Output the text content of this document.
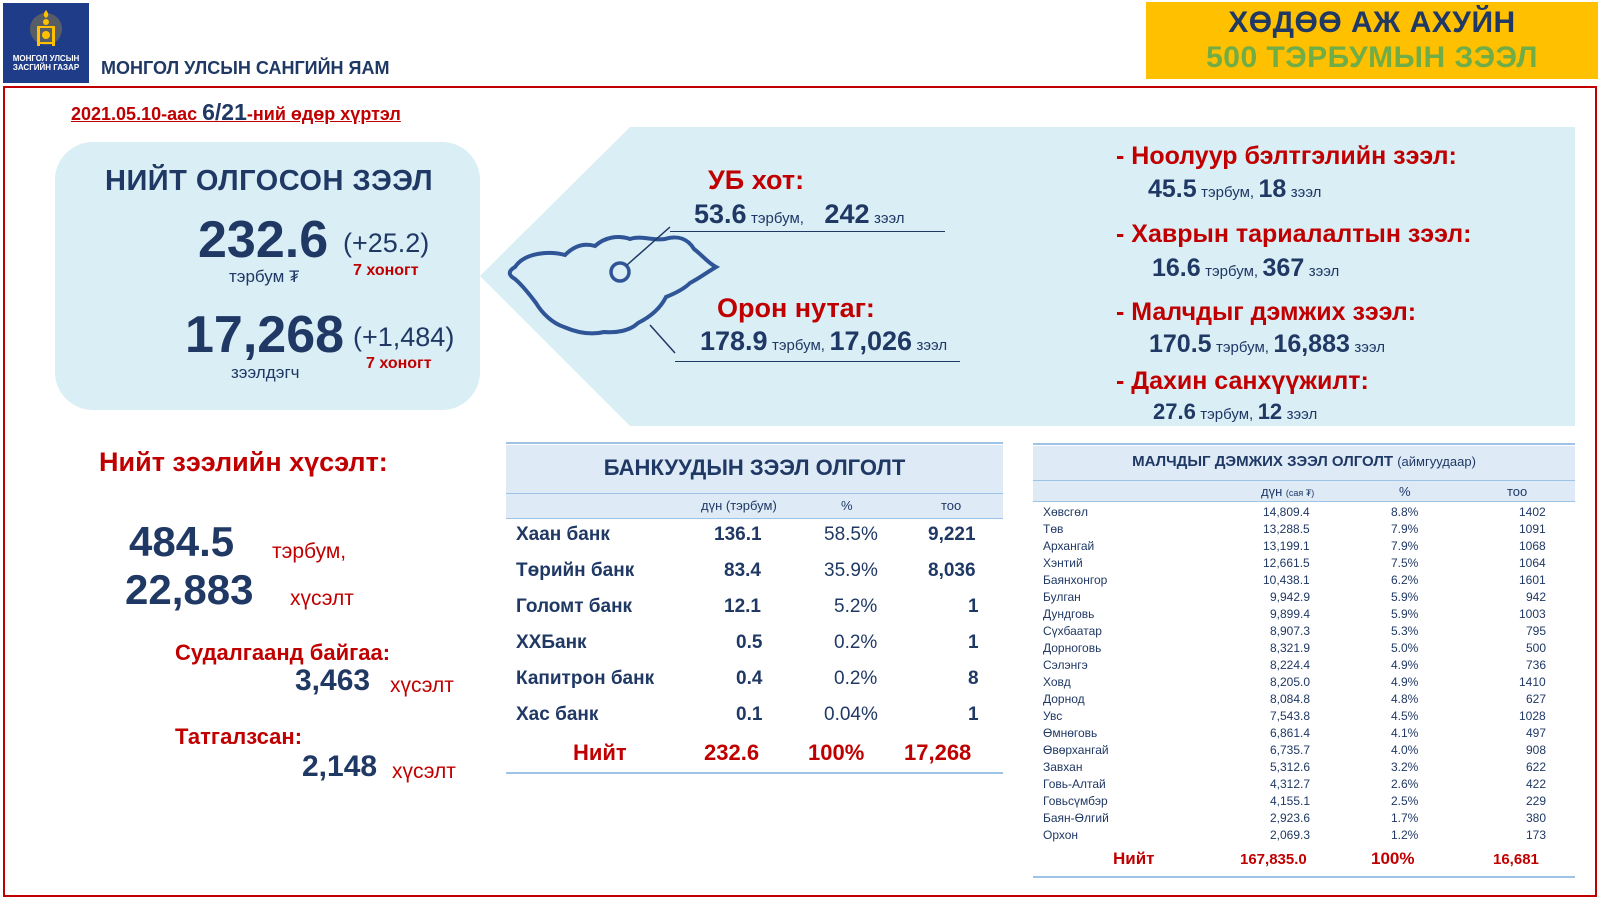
МОНГОЛ УЛСЫН
ЗАСГИЙН ГАЗАР	МОНГОЛ УЛСЫН САНГИЙН ЯАМ
ХӨДӨӨ АЖ АХУЙН
500 ТЭРБУМЫН ЗЭЭЛ
2021.05.10-аас 6/21-ний өдөр хүртэл
НИЙТ ОЛГОСОН ЗЭЭЛ
232.6 (+25.2)
тэрбум ₮	7 хоногт
17,268 (+1,484)
зээлдэгч	7 хоногт
УБ хот:
53.6 тэрбум, 242 зээл
Орон нутаг:
178.9 тэрбум, 17,026 зээл
- Ноолуур бэлтгэлийн зээл:
45.5 тэрбум, 18 зээл
- Хаврын тариалалтын зээл:
16.6 тэрбум, 367 зээл
- Малчдыг дэмжих зээл:
170.5 тэрбум, 16,883 зээл
- Дахин санхүүжилт:
27.6 тэрбум, 12 зээл
Нийт зээлийн хүсэлт:
484.5 тэрбум,
22,883 хүсэлт
Судалгаанд байгаа:
3,463 хүсэлт
Татгалзсан:
2,148 хүсэлт
БАНКУУДЫН ЗЭЭЛ ОЛГОЛТ
дүн (тэрбум)	%	тоо
Хаан банк	136.1	58.5%	9,221
Төрийн банк	83.4	35.9%	8,036
Голомт банк	12.1	5.2%	1
ХХБанк	0.5	0.2%	1
Капитрон банк	0.4	0.2%	8
Хас банк	0.1	0.04%	1
Нийт	232.6 100% 17,268
МАЛЧДЫГ ДЭМЖИХ ЗЭЭЛ ОЛГОЛТ (аймгуудаар)
дүн (сая ₮)	%	тоо
Хөвсгөл	14,809.4	8.8%	1402
Төв	13,288.5	7.9%	1091
Архангай	13,199.1	7.9%	1068
Хэнтий	12,661.5	7.5%	1064
Баянхонгор	10,438.1	6.2%	1601
Булган	9,942.9	5.9%	942
Дундговь	9,899.4	5.9%	1003
Сүхбаатар	8,907.3	5.3%	795
Дорноговь	8,321.9	5.0%	500
Сэлэнгэ	8,224.4	4.9%	736
Ховд	8,205.0	4.9%	1410
Дорнод	8,084.8	4.8%	627
Увс	7,543.8	4.5%	1028
Өмнөговь	6,861.4	4.1%	497
Өвөрхангай	6,735.7	4.0%	908
Завхан	5,312.6	3.2%	622
Говь-Алтай	4,312.7	2.6%	422
Говьсүмбэр	4,155.1	2.5%	229
Баян-Өлгий	2,923.6	1.7%	380
Орхон	2,069.3	1.2%	173
Нийт	167,835.0	100%	16,681
